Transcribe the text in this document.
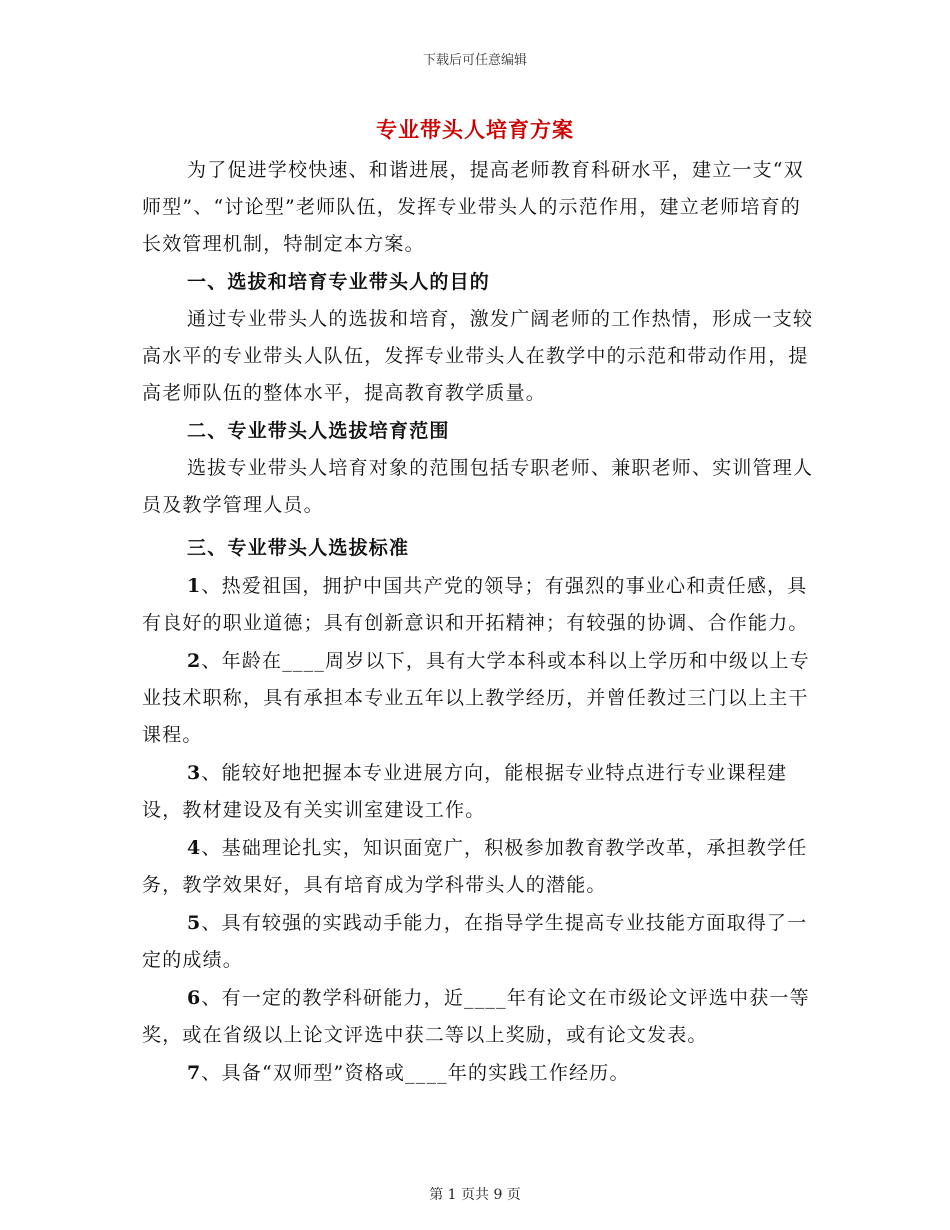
下载后可任意编辑
专业带头人培育方案

为了促进学校快速、和谐进展，提高老师教育科研水平，建立一支“双师型”、“讨论型”老师队伍，发挥专业带头人的示范作用，建立老师培育的长效管理机制，特制定本方案。

一、选拔和培育专业带头人的目的

通过专业带头人的选拔和培育，激发广阔老师的工作热情，形成一支较高水平的专业带头人队伍，发挥专业带头人在教学中的示范和带动作用，提高老师队伍的整体水平，提高教育教学质量。

二、专业带头人选拔培育范围

选拔专业带头人培育对象的范围包括专职老师、兼职老师、实训管理人员及教学管理人员。

三、专业带头人选拔标准

1、热爱祖国，拥护中国共产党的领导；有强烈的事业心和责任感，具有良好的职业道德；具有创新意识和开拓精神；有较强的协调、合作能力。

2、年龄在____周岁以下，具有大学本科或本科以上学历和中级以上专业技术职称，具有承担本专业五年以上教学经历，并曾任教过三门以上主干课程。

3、能较好地把握本专业进展方向，能根据专业特点进行专业课程建设，教材建设及有关实训室建设工作。

4、基础理论扎实，知识面宽广，积极参加教育教学改革，承担教学任务，教学效果好，具有培育成为学科带头人的潜能。

5、具有较强的实践动手能力，在指导学生提高专业技能方面取得了一定的成绩。

6、有一定的教学科研能力，近____年有论文在市级论文评选中获一等奖，或在省级以上论文评选中获二等以上奖励，或有论文发表。

7、具备“双师型”资格或____年的实践工作经历。

第 1 页共 9 页
